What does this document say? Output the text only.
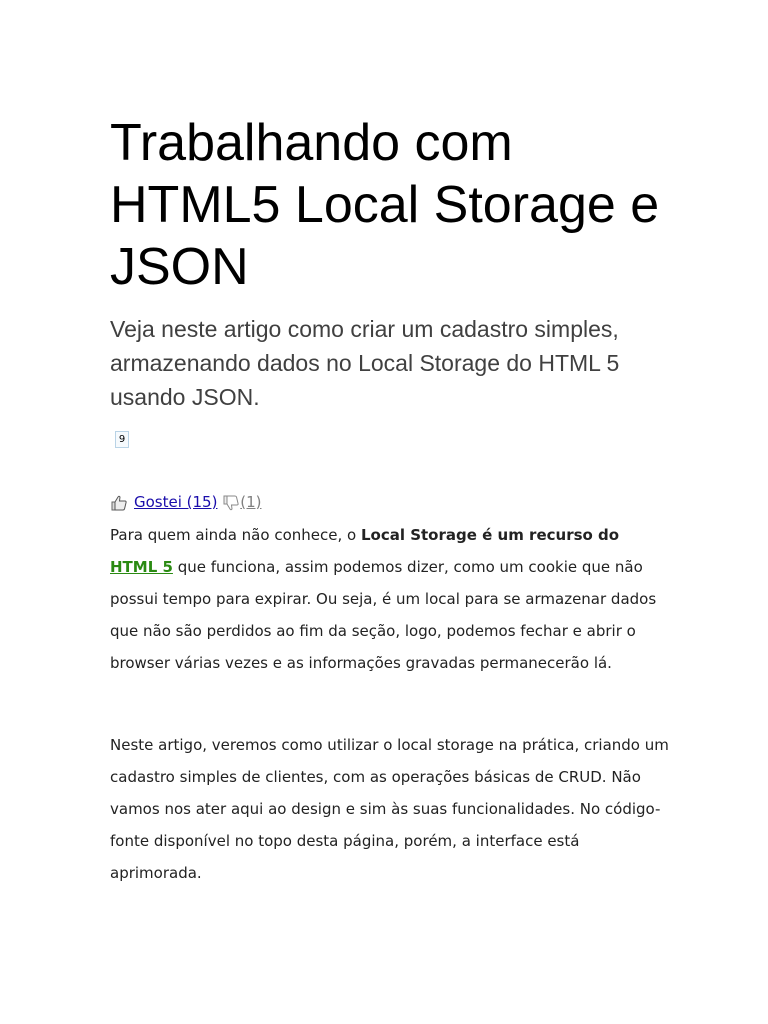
Trabalhando com HTML5 Local Storage e JSON

Veja neste artigo como criar um cadastro simples, armazenando dados no Local Storage do HTML 5 usando JSON.

9
Gostei (15) (1)

Para quem ainda não conhece, o Local Storage é um recurso do HTML 5 que funciona, assim podemos dizer, como um cookie que não possui tempo para expirar. Ou seja, é um local para se armazenar dados que não são perdidos ao fim da seção, logo, podemos fechar e abrir o browser várias vezes e as informações gravadas permanecerão lá.

Neste artigo, veremos como utilizar o local storage na prática, criando um cadastro simples de clientes, com as operações básicas de CRUD. Não vamos nos ater aqui ao design e sim às suas funcionalidades. No código-fonte disponível no topo desta página, porém, a interface está aprimorada.
